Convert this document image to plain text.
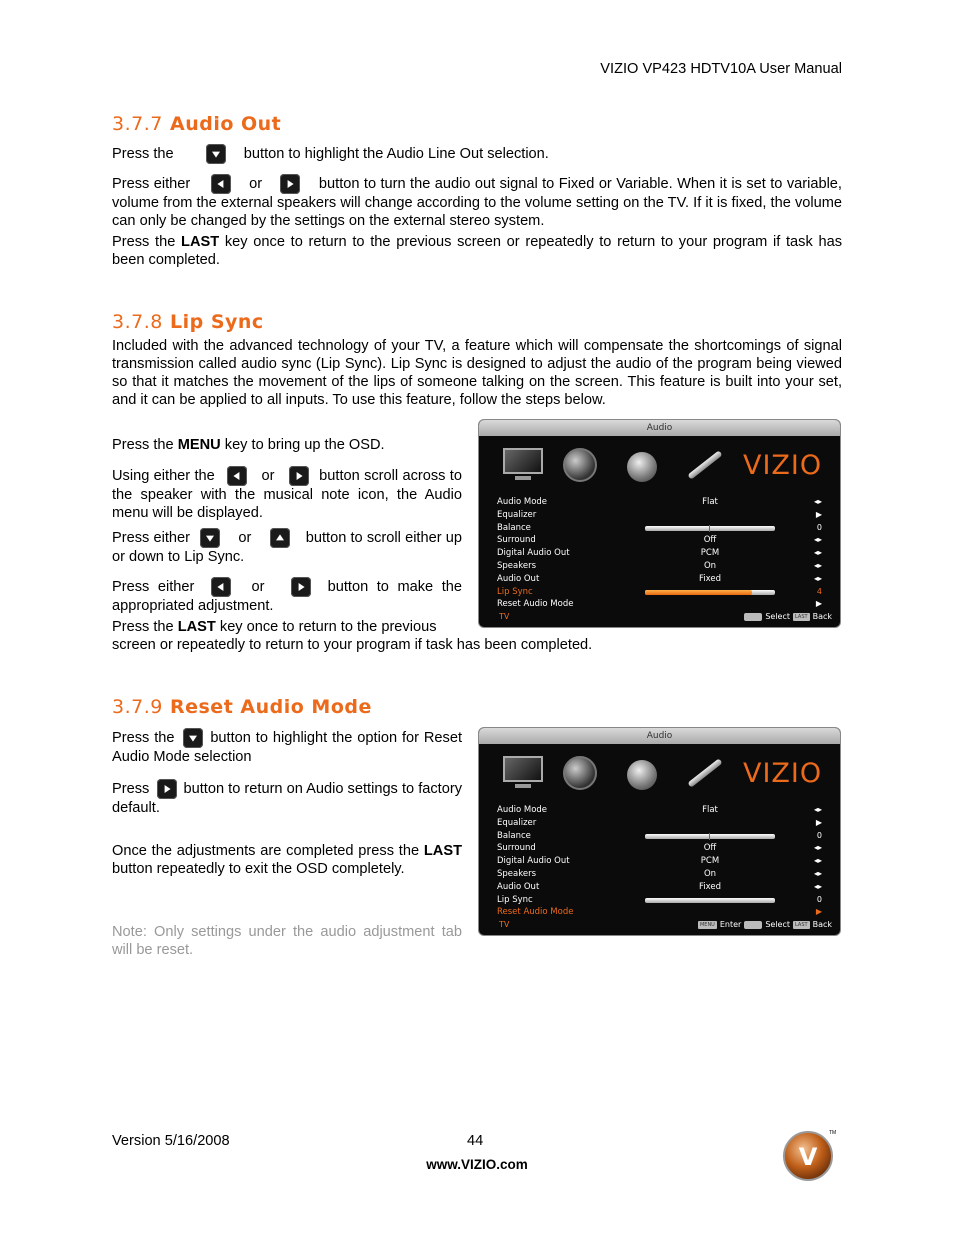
VIZIO VP423 HDTV10A User Manual
3.7.7 Audio Out
Press the	button to highlight the Audio Line Out selection.
Press either	or	button to turn the audio out signal to Fixed or Variable. When it is set to variable, volume from the external speakers will change according to the volume setting on the TV. If it is fixed, the volume can only be changed by the settings on the external stereo system.
Press the LAST key once to return to the previous screen or repeatedly to return to your program if task has been completed.
3.7.8 Lip Sync
Included with the advanced technology of your TV, a feature which will compensate the shortcomings of signal transmission called audio sync (Lip Sync). Lip Sync is designed to adjust the audio of the program being viewed so that it matches the movement of the lips of someone talking on the screen. This feature is built into your set, and it can be applied to all inputs. To use this feature, follow the steps below.
Press the MENU key to bring up the OSD.
Using either the	or	button scroll across to the speaker with the musical note icon, the Audio menu will be displayed.
Press either	or	button to scroll either up or down to Lip Sync.
Press either	or	button to make the appropriated adjustment.
Press the LAST key once to return to the previous
screen or repeatedly to return to your program if task has been completed.
Audio
VIZIO
Audio Mode	Flat	◂▸
Equalizer	▶
Balance	0
Surround	Off	◂▸
Digital Audio Out	PCM	◂▸
Speakers	On	◂▸
Audio Out	Fixed	◂▸
Lip Sync	4
Reset Audio Mode	▶
TV	Select	LAST Back
3.7.9 Reset Audio Mode
Press the button to highlight the option for Reset Audio Mode selection
Press button to return on Audio settings to factory default.
Once the adjustments are completed press the LAST button repeatedly to exit the OSD completely.
Note: Only settings under the audio adjustment tab will be reset.
Audio
VIZIO
Audio Mode	Flat	◂▸
Equalizer	▶
Balance	0
Surround	Off	◂▸
Digital Audio Out	PCM	◂▸
Speakers	On	◂▸
Audio Out	Fixed	◂▸
Lip Sync	0
Reset Audio Mode	▶
TV	MENU Enter	Select	LAST Back
Version 5/16/2008	44
www.VIZIO.com
V
TM
